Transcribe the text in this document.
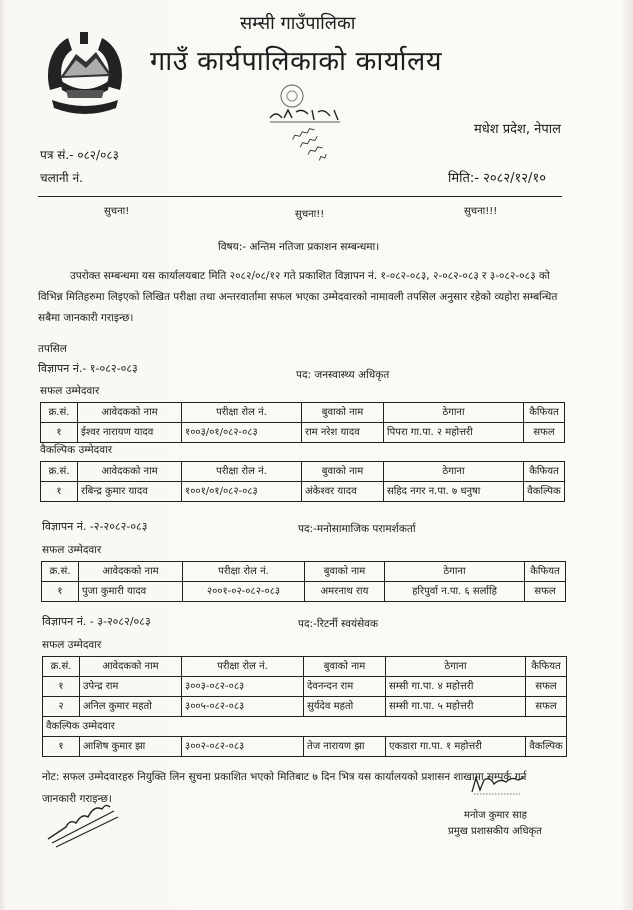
सम्सी गाउँपालिका
गाउँ कार्यपालिकाको कार्यालय
मधेश प्रदेश, नेपाल
पत्र सं.- ०८२/०८३
चलानी नं.	मिति:- २०८२/१२/१०
सुचना!	सुचना!!	सुचना!!!
विषय:- अन्तिम नतिजा प्रकाशन सम्बन्धमा।
उपरोक्त सम्बन्धमा यस कार्यालयबाट मिति २०८२/०८/१२ गते प्रकाशित विज्ञापन नं. १-०८२-०८३, २-०८२-०८३ र ३-०८२-०८३ को विभिन्न मितिहरुमा लिइएको लिखित परीक्षा तथा अन्तरवार्तामा सफल भएका उम्मेदवारको नामावली तपसिल अनुसार रहेको व्यहोरा सम्बन्धित सबैमा जानकारी गराइन्छ।
तपसिल
विज्ञापन नं.- १-०८२-०८३	पद: जनस्वास्थ्य अधिकृत
सफल उम्मेदवार
क्र.सं.	आवेदकको नाम	परीक्षा रोल नं.	बुवाको नाम	ठेगाना	कैफियत
१	ईश्वर नारायण यादव	१००३/०१/०८२-०८३	राम नरेश यादव	पिपरा गा.पा. २ महोत्तरी	सफल
वैकल्पिक उम्मेदवार
क्र.सं.	आवेदकको नाम	परीक्षा रोल नं.	बुवाको नाम	ठेगाना	कैफियत
१	रबिन्द्र कुमार यादव	१००१/०१/०८२-०८३	अंकेश्वर यादव	सहिद नगर न.पा. ७ धनुषा	वैकल्पिक
विज्ञापन नं. -२-२०८२-०८३	पद:-मनोसामाजिक परामर्शकर्ता
सफल उम्मेदवार
क्र.सं.	आवेदकको नाम	परीक्षा रोल नं.	बुवाको नाम	ठेगाना	कैफियत
१	पुजा कुमारी यादव	२००१-०२-०८२-०८३	अमरनाथ राय	हरिपुर्वा न.पा. ६ सर्लाहि	सफल
विज्ञापन नं. - ३-२०८२/०८३	पद:-रिटर्नी स्वयंसेवक
सफल उम्मेदवार
क्र.सं.	आवेदकको नाम	परीक्षा रोल नं.	बुवाको नाम	ठेगाना	कैफियत
१	उपेन्द्र राम	३००३-०८२-०८३	देवनन्दन राम	सम्सी गा.पा. ४ महोत्तरी	सफल
२	अनिल कुमार महतो	३००५-०८२-०८३	सुर्यदेव महतो	सम्सी गा.पा. ५ महोत्तरी	सफल
वैकल्पिक उम्मेदवार					
१	आशिष कुमार झा	३००२-०८२-०८३	तेज नारायण झा	एकडारा गा.पा. १ महोत्तरी	वैकल्पिक
नोट: सफल उम्मेदवारहरु नियुक्ति लिन सुचना प्रकाशित भएको मितिबाट ७ दिन भित्र यस कार्यालयको प्रशासन शाखामा सम्पर्क गर्न जानकारी गराइन्छ।
मनोज कुमार साह
प्रमुख प्रशासकीय अधिकृत
